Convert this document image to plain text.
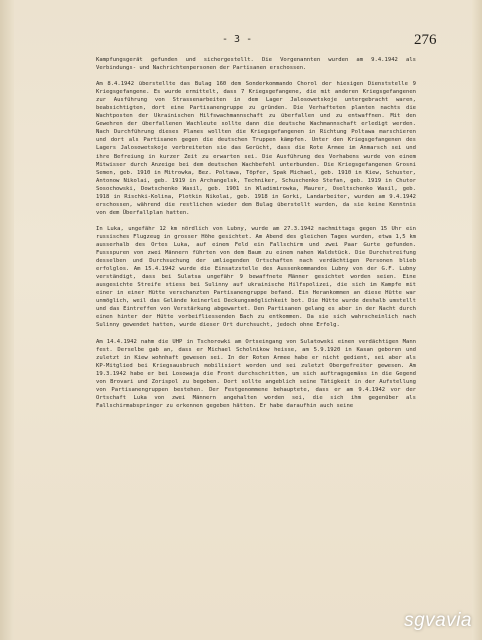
- 3 -	276

Kampfungsgerät gefunden und sichergestellt. Die Vorgenannten wurden am 9.4.1942 als Verbindungs- und Nachrichtenpersonen der Partisanen erschossen.

Am 8.4.1942 überstellte das Bulag 160 dem Sonderkommando Chorol der hiesigen Dienststelle 9 Kriegsgefangene. Es wurde ermittelt, dass 7 Kriegsgefangene, die mit anderen Kriegsgefangenen zur Ausführung von Strassenarbeiten in dem Lager Jalosowetskoje untergebracht waren, beabsichtigten, dort eine Partisanengruppe zu gründen. Die Verhafteten planten nachts die Wachtposten der Ukrainischen Hilfswachmannschaft zu überfallen und zu entwaffnen. Mit den Gewehren der überfallenen Wachleute sollte dann die deutsche Wachmannschaft erledigt werden. Nach Durchführung dieses Planes wollten die Kriegsgefangenen in Richtung Poltawa marschieren und dort als Partisanen gegen die deutschen Truppen kämpfen. Unter den Kriegsgefangenen des Lagers Jalosowetskoje verbreiteten sie das Gerücht, dass die Rote Armee im Anmarsch sei und ihre Befreiung in kurzer Zeit zu erwarten sei. Die Ausführung des Vorhabens wurde von einem Mitwisser durch Anzeige bei dem deutschen Wachbefehl unterbunden. Die Kriegsgefangenen Grosni Semen, geb. 1910 in Mitrowka, Bez. Poltawa, Töpfer, Spak Michael, geb. 1910 in Kiew, Schuster, Antonow Nikolai, geb. 1919 in Archangelsk, Techniker, Schuschenko Stefan, geb. 1919 in Chutor Sosochowski, Dowtschenko Wasil, geb. 1901 in Wladimirowka, Maurer, Oseltschenko Wasil, geb. 1918 in Rischki-Kolina, Plotkin Nikolai, geb. 1918 in Gorki, Landarbeiter, wurden am 9.4.1942 erschossen, während die restlichen wieder dem Bulag überstellt wurden, da sie keine Kenntnis von dem Überfallplan hatten.

In Luka, ungefähr 12 km nördlich von Lubny, wurde am 27.3.1942 nachmittags gegen 15 Uhr ein russisches Flugzeug in grosser Höhe gesichtet. Am Abend des gleichen Tages wurden, etwa 1,5 km ausserhalb des Ortes Luka, auf einem Feld ein Fallschirm und zwei Paar Gurte gefunden. Fussspuren von zwei Männern führten von dem Baum zu einem nahen Waldstück. Die Durchstreifung desselben und Durchsuchung der umliegenden Ortschaften nach verdächtigen Personen blieb erfolglos. Am 15.4.1942 wurde die Einsatzstelle des Aussenkommandos Lubny von der G.F. Lubny verständigt, dass bei Sulatsa ungefähr 9 bewaffnete Männer gesichtet worden seien. Eine ausgesichte Streife stiess bei Sulinny auf ukrainische Hilfspolizei, die sich im Kampfe mit einer in einer Hütte verschanzten Partisanengruppe befand. Ein Herankommen an diese Hütte war unmöglich, weil das Gelände keinerlei Deckungsmöglichkeit bot. Die Hütte wurde deshalb umstellt und das Eintreffen von Verstärkung abgewartet. Den Partisanen gelang es aber in der Nacht durch einen hinter der Hütte vorbeifliessenden Bach zu entkommen. Da sie sich wahrscheinlich nach Sulinny gewendet hatten, wurde dieser Ort durchsucht, jedoch ohne Erfolg.

Am 14.4.1942 nahm die UHP in Tschorowki am Ortseingang von Sulatowski einen verdächtigen Mann fest. Derselbe gab an, dass er Michael Scholnikow heisse, am 5.9.1920 in Kasan geboren und zuletzt in Kiew wohnhaft gewesen sei. In der Roten Armee habe er nicht gedient, sei aber als KP-Mitglied bei Kriegsausbruch mobilisiert worden und sei zuletzt Obergefreiter gewesen. Am 19.3.1942 habe er bei Losowaja die Front durchschritten, um sich auftragsgemäss in die Gegend von Brovari und Zorispol zu begeben. Dort sollte angeblich seine Tätigkeit in der Aufstellung von Partisanengruppen bestehen. Der Festgenommene behauptete, dass er am 9.4.1942 vor der Ortschaft Luka von zwei Männern angehalten worden sei, die sich ihm gegenüber als Fallschirmabspringer zu erkennen gegeben hätten. Er habe daraufhin auch seine

sgvavia
